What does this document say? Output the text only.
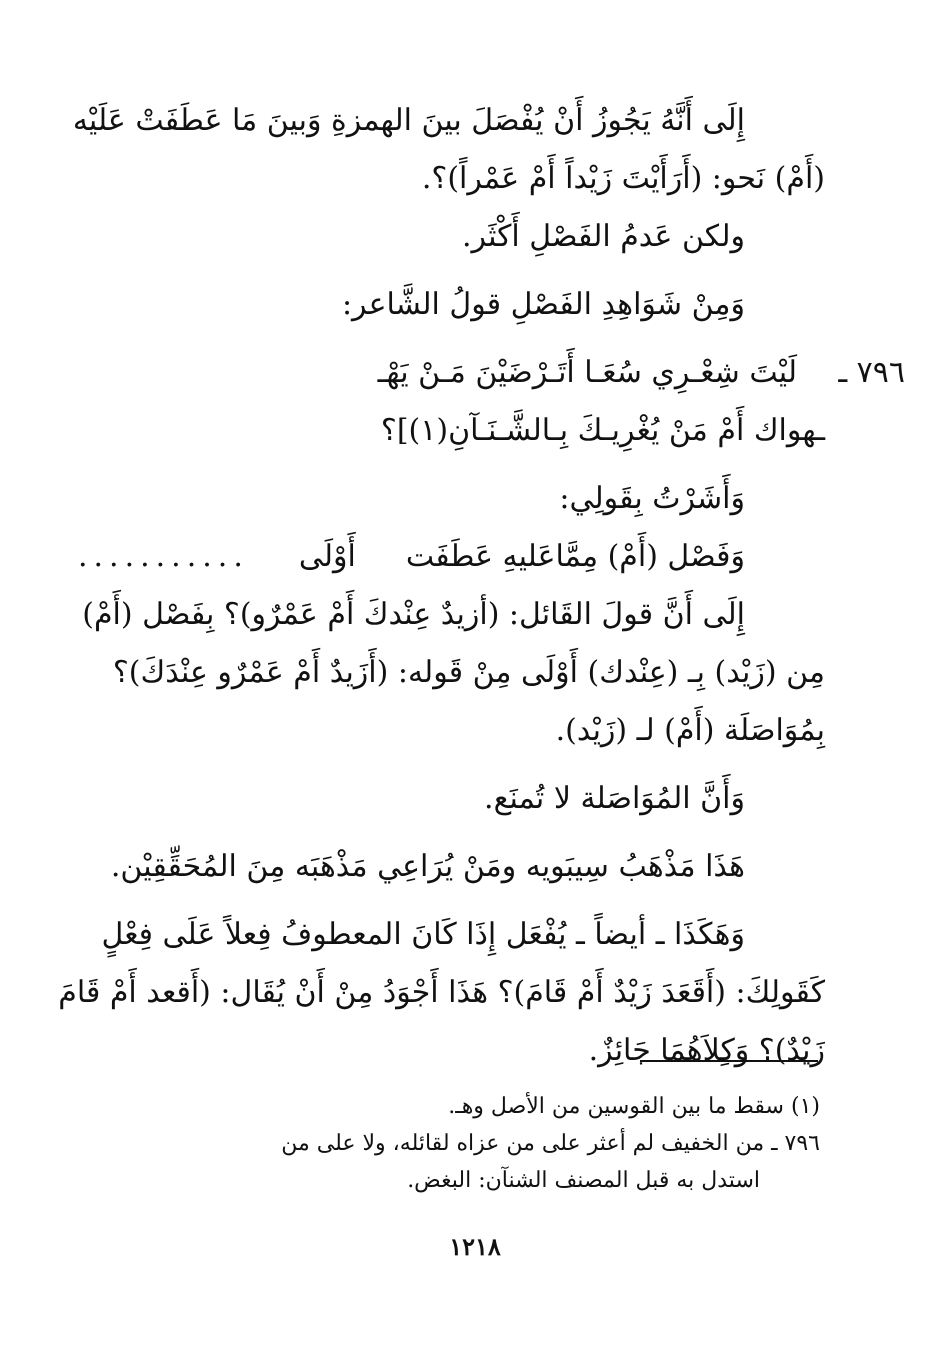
إِلَى أَنَّهُ يَجُوزُ أَنْ يُفْصَلَ بينَ الهمزةِ وَبينَ مَا عَطَفَتْ عَلَيْه

(أَمْ) نَحو: (أَرَأَيْتَ زَيْداً أَمْ عَمْراً)؟.

ولكن عَدمُ الفَصْلِ أَكْثَر.

وَمِنْ شَوَاهِدِ الفَصْلِ قولُ الشَّاعر:

٧٩٦ ـ

لَيْتَ شِعْـرِي سُعَـا أَتَـرْضَيْنَ مَـنْ يَهْـ

ـهواك أَمْ مَنْ يُغْرِيـكَ بِـالشَّـنَـآنِ(١)]؟

وَأَشَرْتُ بِقَولِي:

وَفَصْل (أَمْ) مِمَّاعَليهِ عَطَفَت
أَوْلَى
...........

إِلَى أَنَّ قولَ القَائل: (أزيدٌ عِنْدكَ أَمْ عَمْرٌو)؟ بِفَصْل (أَمْ)

مِن (زَيْد) بِـ (عِنْدك) أَوْلَى مِنْ قَوله: (أَزَيدٌ أَمْ عَمْرٌو عِنْدَكَ)؟

بِمُوَاصَلَة (أَمْ) لـ (زَيْد).

وَأَنَّ المُوَاصَلة لا تُمنَع.

هَذَا مَذْهَبُ سِيبَويه ومَنْ يُرَاعِي مَذْهَبَه مِنَ المُحَقِّقِيْن.

وَهَكَذَا ـ أيضاً ـ يُفْعَل إِذَا كَانَ المعطوفُ فِعلاً عَلَى فِعْلٍ

كَقَولِكَ: (أَقَعَدَ زَيْدٌ أَمْ قَامَ)؟ هَذَا أَجْوَدُ مِنْ أَنْ يُقَال: (أَقعد أَمْ قَامَ

زَيْدٌ)؟ وَكِلاَهُمَا جَائِزٌ.

(١) سقط ما بين القوسين من الأصل وهـ.

٧٩٦ ـ من الخفيف لم أعثر على من عزاه لقائله، ولا على من

استدل به قبل المصنف الشنآن: البغض.

١٢١٨
